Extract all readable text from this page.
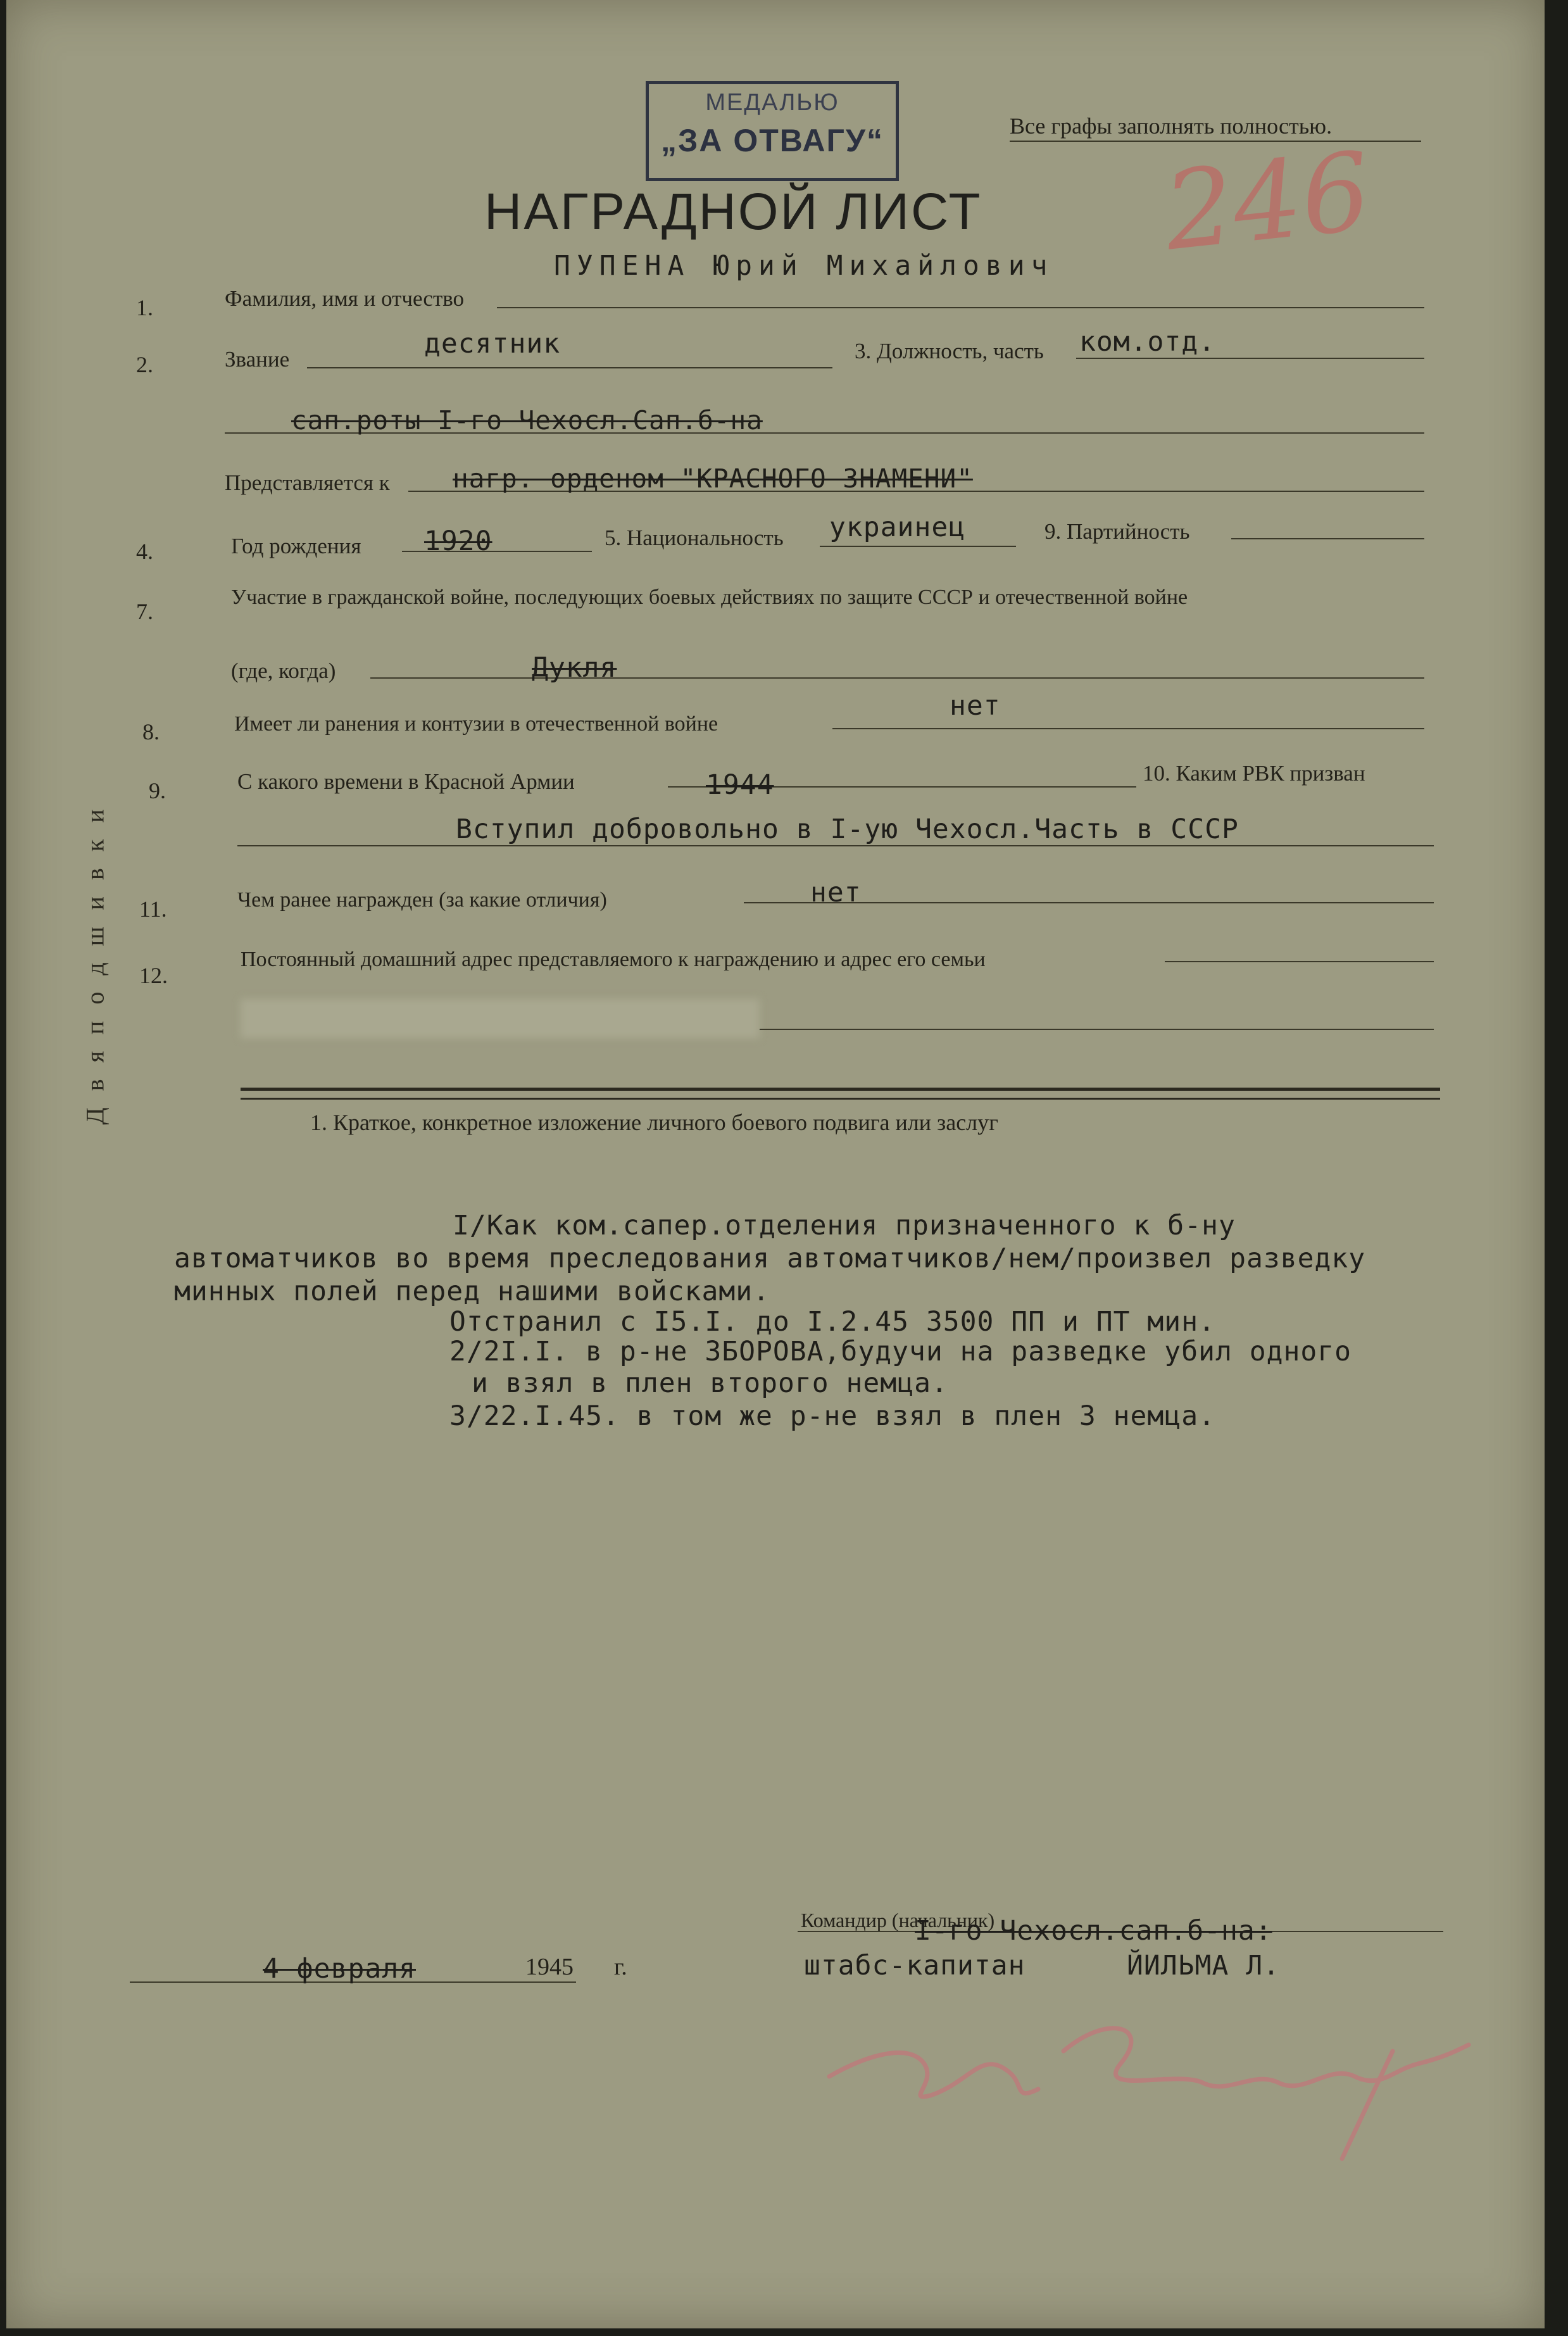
МЕДАЛЬЮ
„ЗА ОТВАГУ“	Все графы заполнять полностью.
246
НАГРАДНОЙ ЛИСТ
Д в я п о д ш и в к и
1.	Фамилия, имя и отчество
ПУПЕНА Юрий Михайлович
2.	Звание	десятник	3. Должность, часть ком.отд.
сап.роты I-го Чехосл.Сап.б-на
Представляется к нагр. орденом "КРАСНОГО ЗНАМЕНИ"
4.	Год рождения 1920	5. Национальность украинец	9. Партийность
7.
Участие в гражданской войне, последующих боевых действиях по защите СССР и отечественной войне
(где, когда)	Дукля
8.	Имеет ли ранения и контузии в отечественной войне
нет
9.	С какого времени в Красной Армии	1944	10. Каким РВК призван
Вступил добровольно в I-ую Чехосл.Часть в СССР
11.	Чем ранее награжден (за какие отличия)	нет
12.
Постоянный домашний адрес представляемого к награждению и адрес его семьи
1. Краткое, конкретное изложение личного боевого подвига или заслуг
I/Как ком.сапер.отделения призначенного к б-ну автоматчиков во время преследования автоматчиков/нем/произвел разведку минных полей перед нашими войсками.
Отстранил с I5.I. до I.2.45 3500 ПП и ПТ мин.
2/2I.I. в р-не ЗБОРОВА,будучи на разведке убил одного
и взял в плен второго немца.
3/22.I.45. в том же р-не взял в плен 3 немца.
Командир (начальник)
I-го Чехосл.сап.б-на:
штабс-капитан	ЙИЛЬМА Л.
4 февраля	1945 г.
